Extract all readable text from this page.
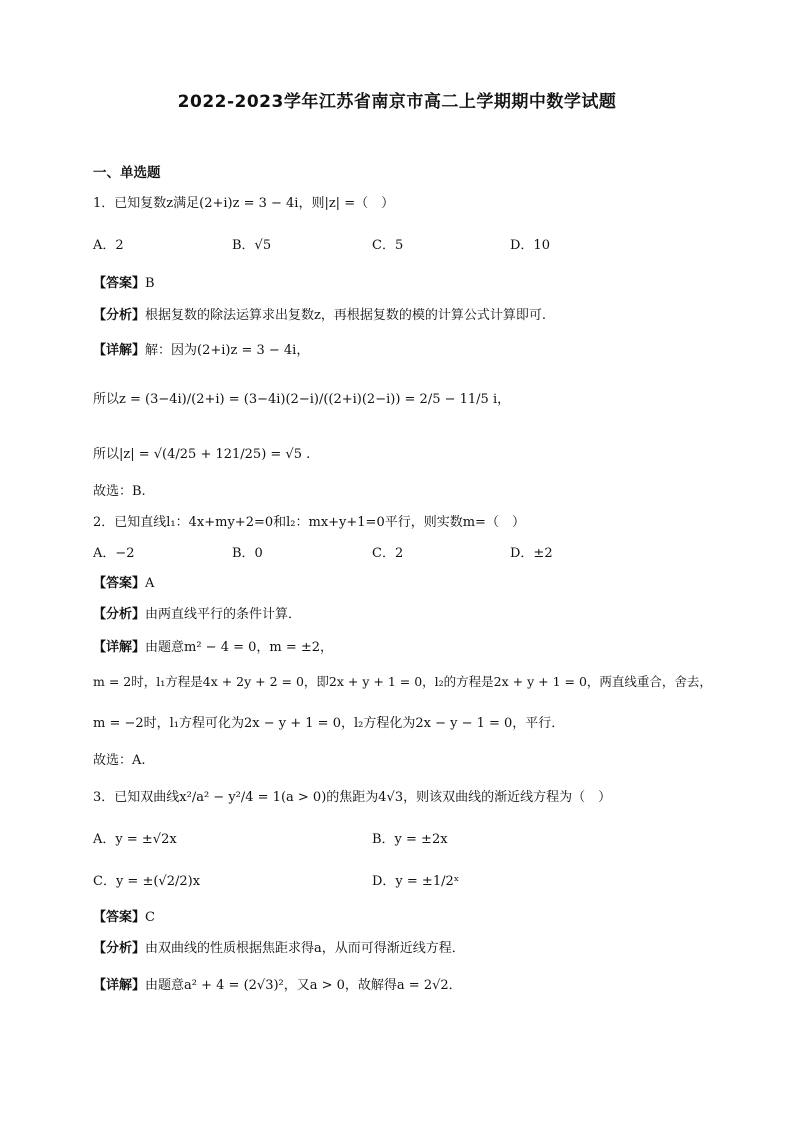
2022-2023学年江苏省南京市高二上学期期中数学试题
一、单选题
1．已知复数z满足(2+i)z = 3 − 4i，则|z| =（　）
A．2	B．√5	C．5	D．10
【答案】B
【分析】根据复数的除法运算求出复数z，再根据复数的模的计算公式计算即可.
【详解】解：因为(2+i)z = 3 − 4i，
所以z = (3−4i)/(2+i) = (3−4i)(2−i)/((2+i)(2−i)) = 2/5 − 11/5 i，
所以|z| = √(4/25 + 121/25) = √5 .
故选：B.
2．已知直线l₁：4x+my+2=0和l₂：mx+y+1=0平行，则实数m=（　）
A．−2	B．0	C．2	D．±2
【答案】A
【分析】由两直线平行的条件计算．
【详解】由题意m² − 4 = 0，m = ±2，
m = 2时，l₁方程是4x + 2y + 2 = 0，即2x + y + 1 = 0，l₂的方程是2x + y + 1 = 0，两直线重合，舍去，
m = −2时，l₁方程可化为2x − y + 1 = 0，l₂方程化为2x − y − 1 = 0，平行．
故选：A.
3．已知双曲线x²/a² − y²/4 = 1(a > 0)的焦距为4√3，则该双曲线的渐近线方程为（　）
A．y = ±√2x	B．y = ±2x
C．y = ±(√2/2)x	D．y = ±1/2ˣ
【答案】C
【分析】由双曲线的性质根据焦距求得a，从而可得渐近线方程．
【详解】由题意a² + 4 = (2√3)²，又a > 0，故解得a = 2√2．
